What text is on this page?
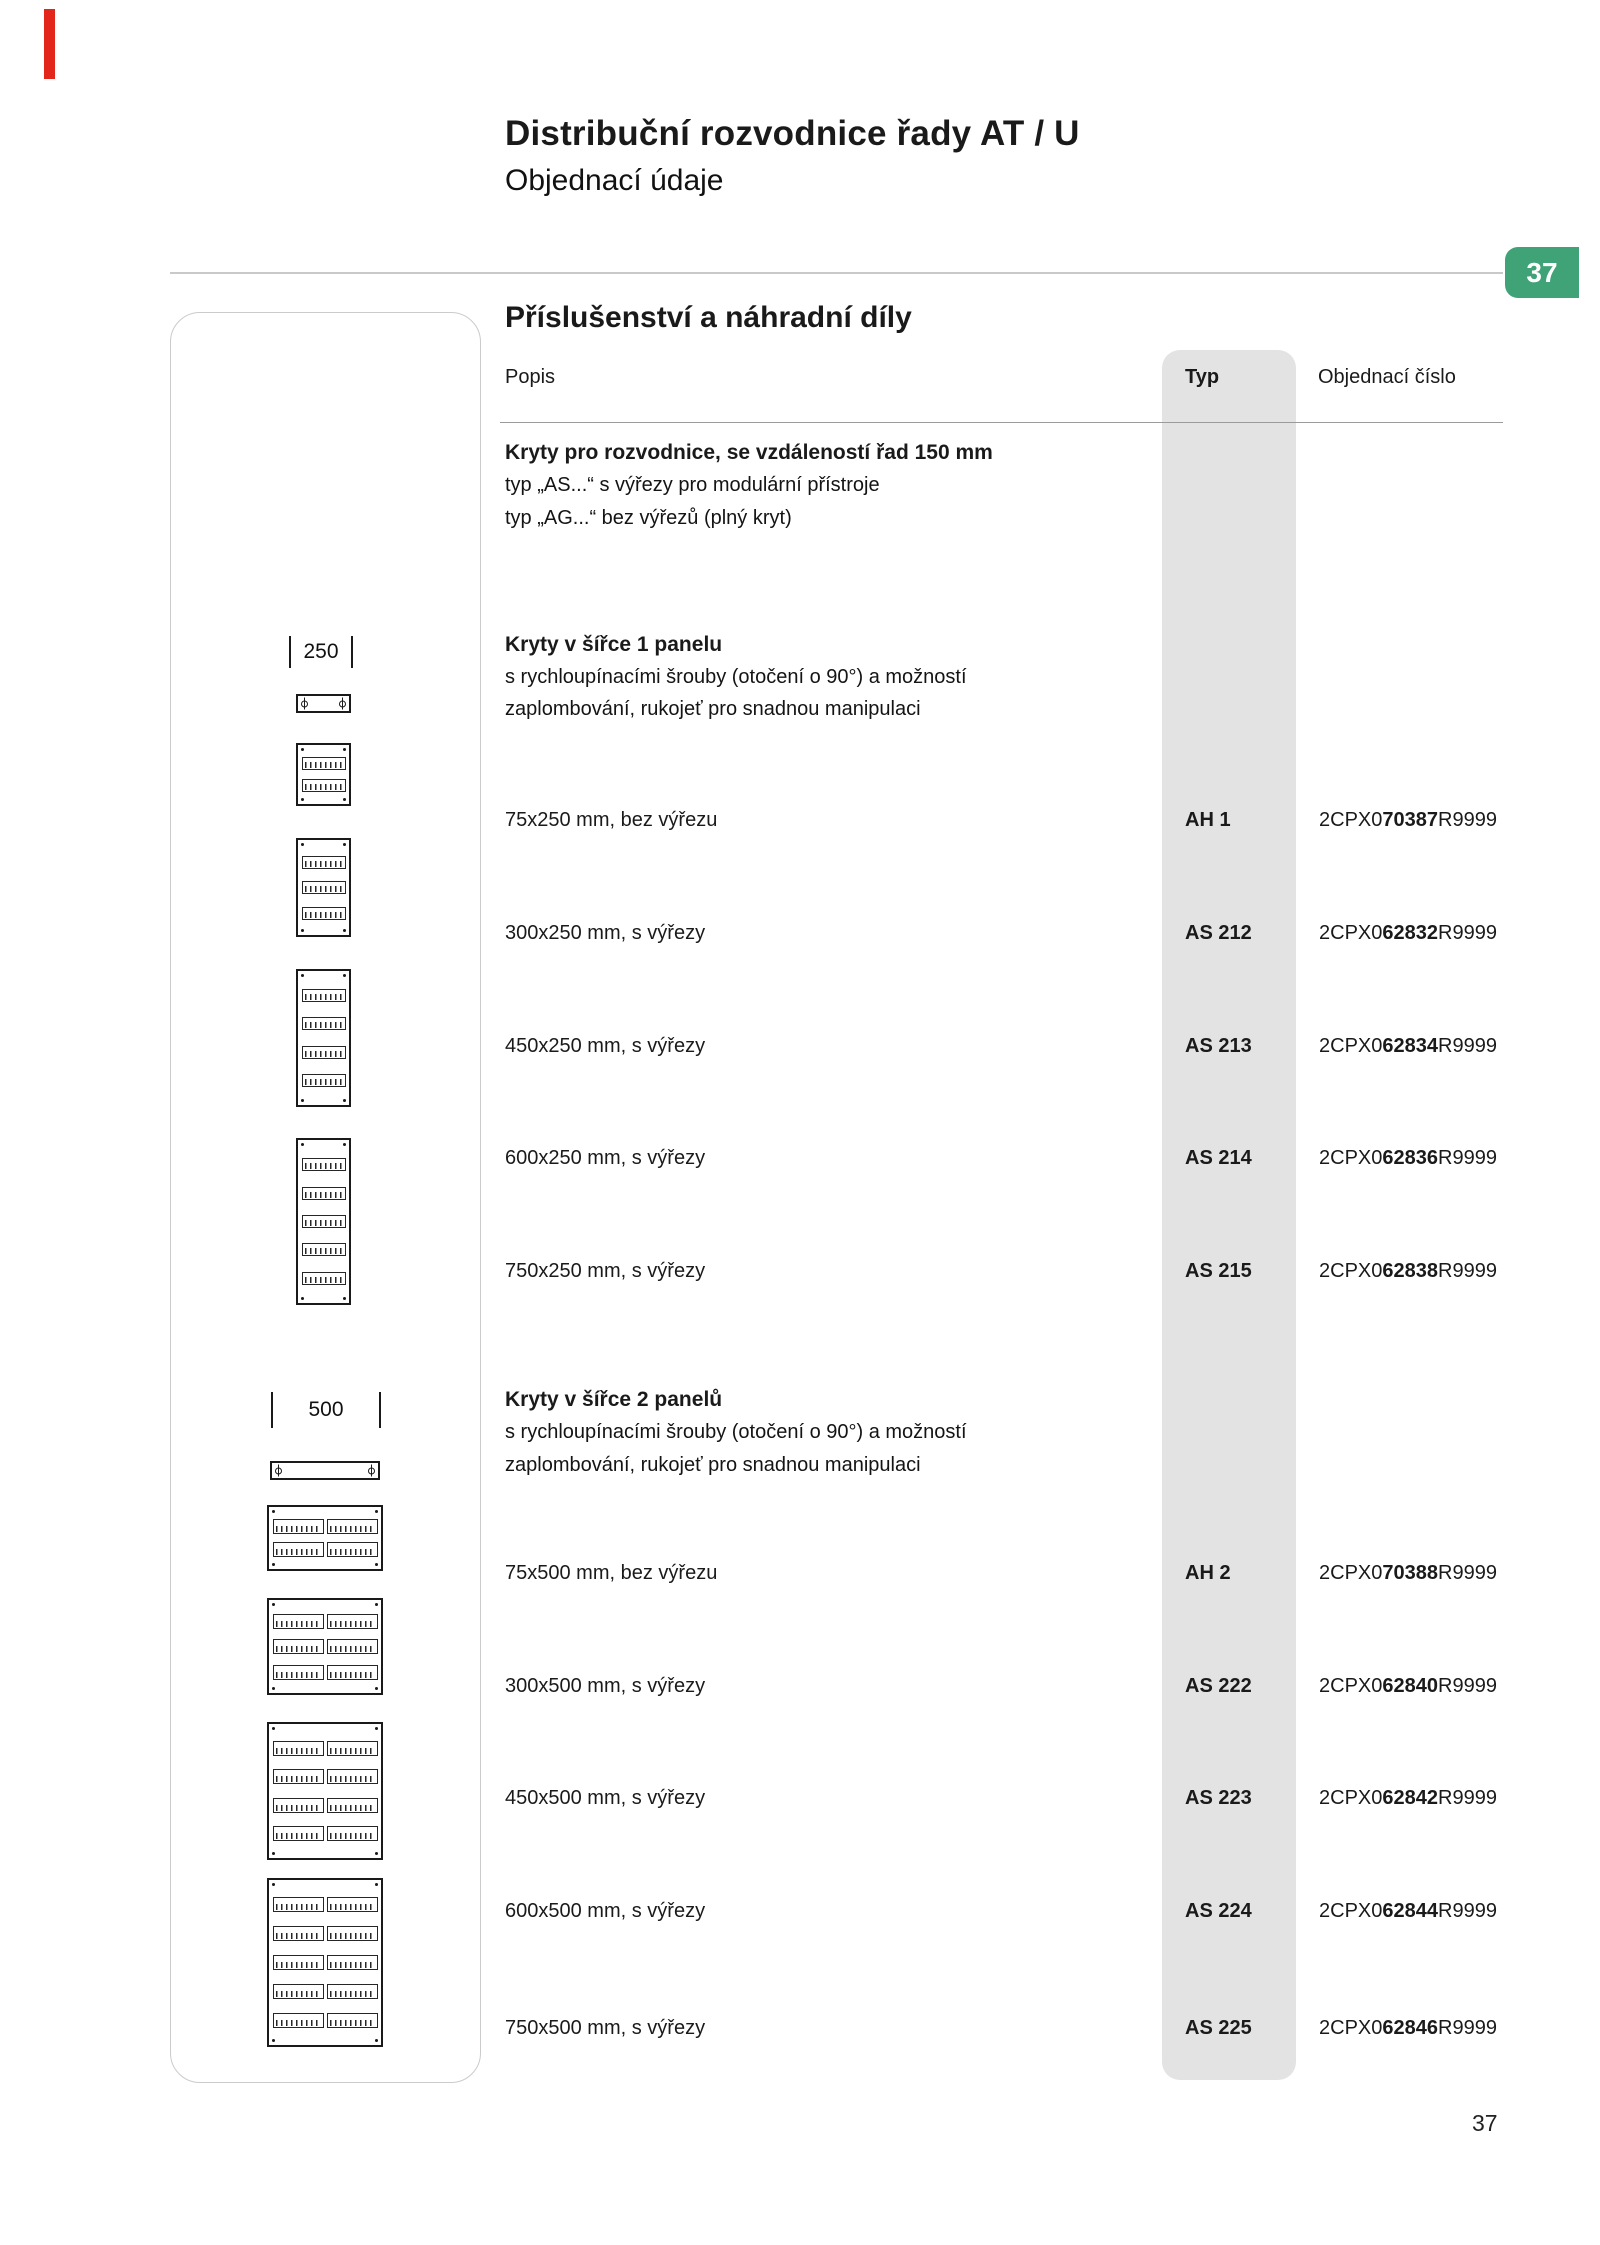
Distribuční rozvodnice řady AT / U
Objednací údaje
37
Příslušenství a náhradní díly
Popis	Typ	Objednací číslo
Kryty pro rozvodnice, se vzdáleností řad 150 mm
typ „AS...“ s výřezy pro modulární přístroje
typ „AG...“ bez výřezů (plný kryt)
Kryty v šířce 1 panelu
s rychloupínacími šrouby (otočení o 90°) a možností
zaplombování, rukojeť pro snadnou manipulaci
75x250 mm, bez výřezu	AH 1	2CPX070387R9999
300x250 mm, s výřezy	AS 212	2CPX062832R9999
450x250 mm, s výřezy	AS 213	2CPX062834R9999
600x250 mm, s výřezy	AS 214	2CPX062836R9999
750x250 mm, s výřezy	AS 215	2CPX062838R9999
Kryty v šířce 2 panelů
s rychloupínacími šrouby (otočení o 90°) a možností
zaplombování, rukojeť pro snadnou manipulaci
75x500 mm, bez výřezu	AH 2	2CPX070388R9999
300x500 mm, s výřezy	AS 222	2CPX062840R9999
450x500 mm, s výřezy	AS 223	2CPX062842R9999
600x500 mm, s výřezy	AS 224	2CPX062844R9999
750x500 mm, s výřezy	AS 225	2CPX062846R9999
250
500
37
